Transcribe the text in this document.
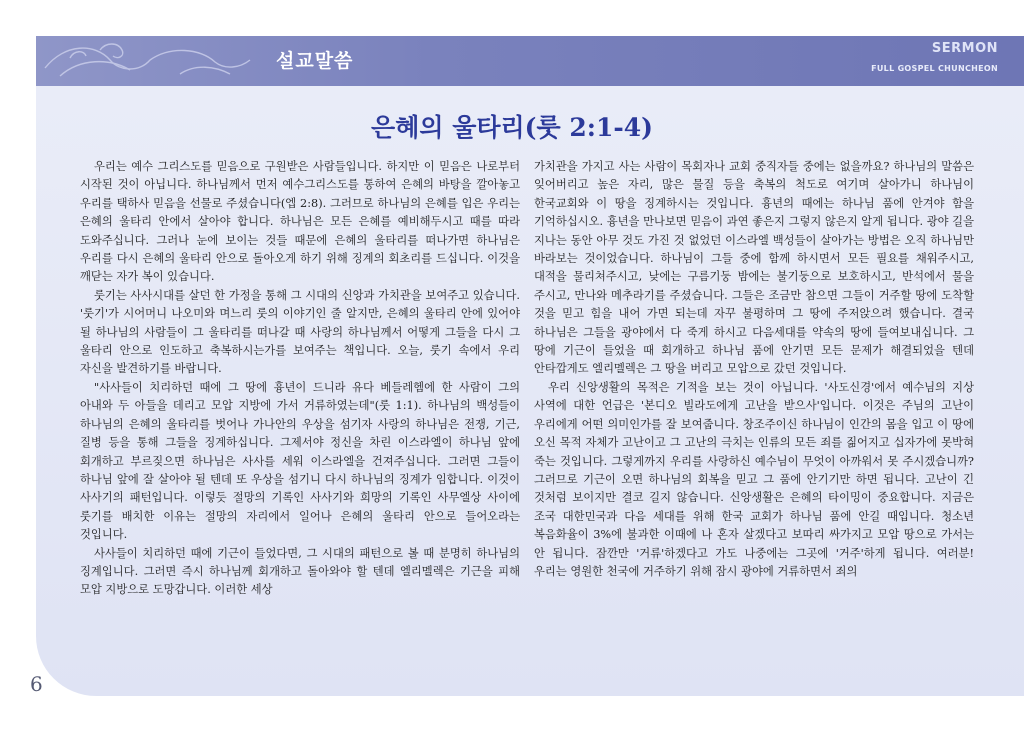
설교말씀
SERMON
FULL GOSPEL CHUNCHEON
은혜의 울타리(룻 2:1-4)

우리는 예수 그리스도를 믿음으로 구원받은 사람들입니다. 하지만 이 믿음은 나로부터 시작된 것이 아닙니다. 하나님께서 먼저 예수그리스도를 통하여 은혜의 바탕을 깔아놓고 우리를 택하사 믿음을 선물로 주셨습니다(엡 2:8). 그러므로 하나님의 은혜를 입은 우리는 은혜의 울타리 안에서 살아야 합니다. 하나님은 모든 은혜를 예비해두시고 때를 따라 도와주십니다. 그러나 눈에 보이는 것들 때문에 은혜의 울타리를 떠나가면 하나님은 우리를 다시 은혜의 울타리 안으로 돌아오게 하기 위해 징계의 회초리를 드십니다. 이것을 깨닫는 자가 복이 있습니다.

룻기는 사사시대를 살던 한 가정을 통해 그 시대의 신앙과 가치관을 보여주고 있습니다. '룻기'가 시어머니 나오미와 며느리 룻의 이야기인 줄 알지만, 은혜의 울타리 안에 있어야 될 하나님의 사람들이 그 울타리를 떠나갈 때 사랑의 하나님께서 어떻게 그들을 다시 그 울타리 안으로 인도하고 축복하시는가를 보여주는 책입니다. 오늘, 룻기 속에서 우리 자신을 발견하기를 바랍니다.

"사사들이 치리하던 때에 그 땅에 흉년이 드니라 유다 베들레헴에 한 사람이 그의 아내와 두 아들을 데리고 모압 지방에 가서 거류하였는데"(룻 1:1). 하나님의 백성들이 하나님의 은혜의 울타리를 벗어나 가나안의 우상을 섬기자 사랑의 하나님은 전쟁, 기근, 질병 등을 통해 그들을 징계하십니다. 그제서야 정신을 차린 이스라엘이 하나님 앞에 회개하고 부르짖으면 하나님은 사사를 세워 이스라엘을 건져주십니다. 그러면 그들이 하나님 앞에 잘 살아야 될 텐데 또 우상을 섬기니 다시 하나님의 징계가 임합니다. 이것이 사사기의 패턴입니다. 이렇듯 절망의 기록인 사사기와 희망의 기록인 사무엘상 사이에 룻기를 배치한 이유는 절망의 자리에서 일어나 은혜의 울타리 안으로 들어오라는 것입니다.

사사들이 치리하던 때에 기근이 들었다면, 그 시대의 패턴으로 볼 때 분명히 하나님의 징계입니다. 그러면 즉시 하나님께 회개하고 돌아와야 할 텐데 엘리멜렉은 기근을 피해 모압 지방으로 도망갑니다. 이러한 세상

가치관을 가지고 사는 사람이 목회자나 교회 중직자들 중에는 없을까요? 하나님의 말씀은 잊어버리고 높은 자리, 많은 물질 등을 축복의 척도로 여기며 살아가니 하나님이 한국교회와 이 땅을 징계하시는 것입니다. 흉년의 때에는 하나님 품에 안겨야 함을 기억하십시오. 흉년을 만나보면 믿음이 과연 좋은지 그렇지 않은지 알게 됩니다. 광야 길을 지나는 동안 아무 것도 가진 것 없었던 이스라엘 백성들이 살아가는 방법은 오직 하나님만 바라보는 것이었습니다. 하나님이 그들 중에 함께 하시면서 모든 필요를 채워주시고, 대적을 물리쳐주시고, 낮에는 구름기둥 밤에는 불기둥으로 보호하시고, 반석에서 물을 주시고, 만나와 메추라기를 주셨습니다. 그들은 조금만 참으면 그들이 거주할 땅에 도착할 것을 믿고 힘을 내어 가면 되는데 자꾸 불평하며 그 땅에 주저앉으려 했습니다. 결국 하나님은 그들을 광야에서 다 죽게 하시고 다음세대를 약속의 땅에 들여보내십니다. 그 땅에 기근이 들었을 때 회개하고 하나님 품에 안기면 모든 문제가 해결되었을 텐데 안타깝게도 엘리멜렉은 그 땅을 버리고 모압으로 갔던 것입니다.

우리 신앙생활의 목적은 기적을 보는 것이 아닙니다. '사도신경'에서 예수님의 지상 사역에 대한 언급은 '본디오 빌라도에게 고난을 받으사'입니다. 이것은 주님의 고난이 우리에게 어떤 의미인가를 잘 보여줍니다. 창조주이신 하나님이 인간의 몸을 입고 이 땅에 오신 목적 자체가 고난이고 그 고난의 극치는 인류의 모든 죄를 짊어지고 십자가에 못박혀 죽는 것입니다. 그렇게까지 우리를 사랑하신 예수님이 무엇이 아까워서 못 주시겠습니까? 그러므로 기근이 오면 하나님의 회복을 믿고 그 품에 안기기만 하면 됩니다. 고난이 긴 것처럼 보이지만 결코 길지 않습니다. 신앙생활은 은혜의 타이밍이 중요합니다. 지금은 조국 대한민국과 다음 세대를 위해 한국 교회가 하나님 품에 안길 때입니다. 청소년 복음화율이 3%에 불과한 이때에 나 혼자 살겠다고 보따리 싸가지고 모압 땅으로 가서는 안 됩니다. 잠깐만 '거류'하겠다고 가도 나중에는 그곳에 '거주'하게 됩니다. 여러분! 우리는 영원한 천국에 거주하기 위해 잠시 광야에 거류하면서 죄의

6
